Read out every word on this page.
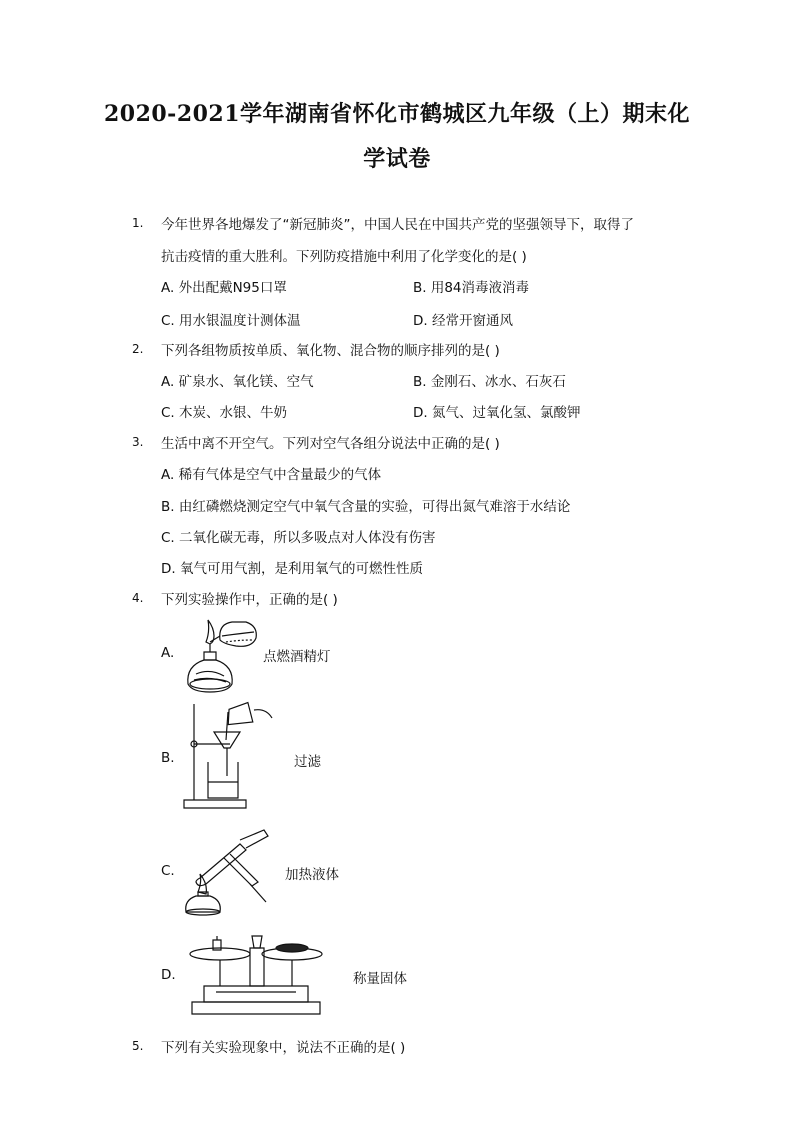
2020-2021学年湖南省怀化市鹤城区九年级（上）期末化
学试卷
1. 今年世界各地爆发了“新冠肺炎”，中国人民在中国共产党的坚强领导下，取得了
抗击疫情的重大胜利。下列防疫措施中利用了化学变化的是( )
A. 外出配戴N95口罩	B. 用84消毒液消毒
C. 用水银温度计测体温	D. 经常开窗通风
2. 下列各组物质按单质、氧化物、混合物的顺序排列的是( )
A. 矿泉水、氧化镁、空气	B. 金刚石、冰水、石灰石
C. 木炭、水银、牛奶	D. 氮气、过氧化氢、氯酸钾
3. 生活中离不开空气。下列对空气各组分说法中正确的是( )
A. 稀有气体是空气中含量最少的气体
B. 由红磷燃烧测定空气中氧气含量的实验，可得出氮气难溶于水结论
C. 二氧化碳无毒，所以多吸点对人体没有伤害
D. 氧气可用气割，是利用氧气的可燃性性质
4. 下列实验操作中，正确的是( )
A.	点燃酒精灯
B.	过滤
C.	加热液体
D.	称量固体
5. 下列有关实验现象中，说法不正确的是( )
